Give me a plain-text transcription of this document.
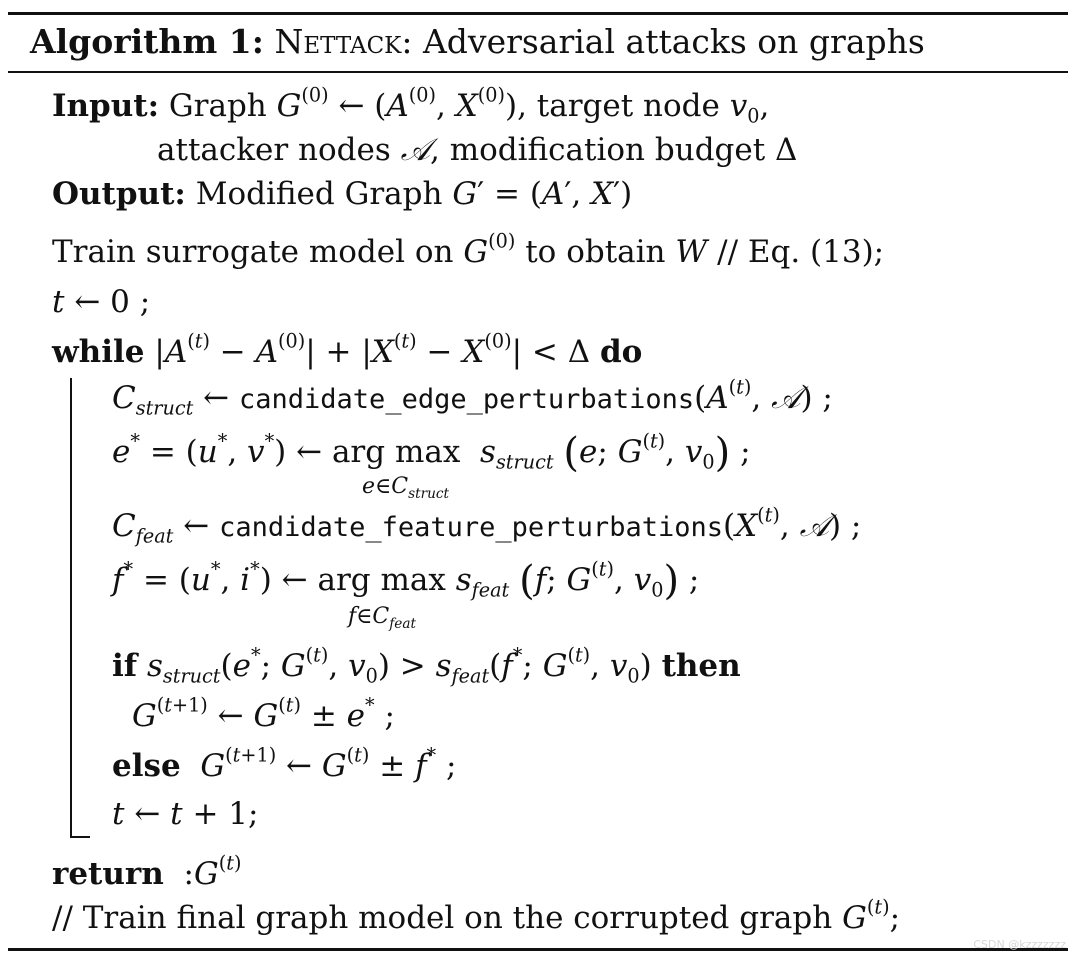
Algorithm 1: Nettack: Adversarial attacks on graphs
Input: Graph $G^{(0)}$ ← ($A^{(0)}$, $X^{(0)}$), target node $v_0$,
attacker nodes 𝒜, modification budget Δ
Output: Modified Graph G′ = (A′, X′)
Train surrogate model on $G^{(0)}$ to obtain W // Eq. (13);
t ← 0 ;
while $|A^{(t)} - A^{(0)}| + |X^{(t)} - X^{(0)}| < \Delta$ do
$C_{struct}$ ← $candidate\_edge\_perturbations(A^{(t)}$, 𝒜) ;
e* = (u*, v*) ← arg $\max s_{struct}$ (e; $G^{(t)}$, $v_0$) ;
$e\in C_{struct}$
$C_{feat}$ ← $candidate\_feature\_perturbations(X^{(t)}$, 𝒜) ;
f* = (u*, i*) ← arg $\max s_{feat}$ (f; $G^{(t)}$, $v_0$) ;
$f\in C_{feat}$
if $s_{struct}(e^*$; $G^{(t)}$, $v_0) > s_{feat}(f^*$; $G^{(t)}$, $v_0$) then
$G^{(t+1)}$ ← $G^{(t)} \pm e^*$ ;
else $G^{(t+1)}$ ← $G^{(t)} \pm f^*$ ;
t ← t + 1;
return  $:G^{(t)}$
// Train final graph model on the corrupted graph $G^{(t)}$;
CSDN @kzzzzzzz
